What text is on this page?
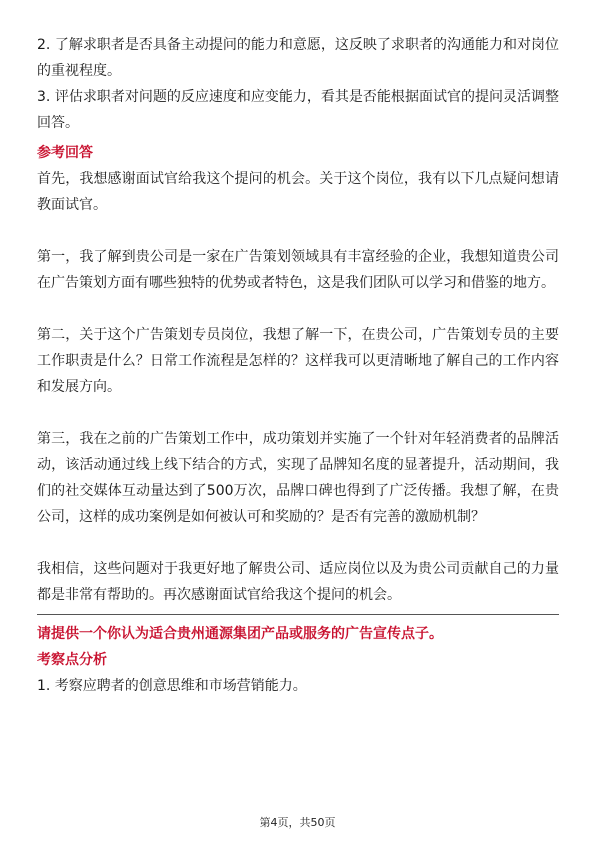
2. 了解求职者是否具备主动提问的能力和意愿，这反映了求职者的沟通能力和对岗位的重视程度。

3. 评估求职者对问题的反应速度和应变能力，看其是否能根据面试官的提问灵活调整回答。

参考回答

首先，我想感谢面试官给我这个提问的机会。关于这个岗位，我有以下几点疑问想请教面试官。

第一，我了解到贵公司是一家在广告策划领域具有丰富经验的企业，我想知道贵公司在广告策划方面有哪些独特的优势或者特色，这是我们团队可以学习和借鉴的地方。

第二，关于这个广告策划专员岗位，我想了解一下，在贵公司，广告策划专员的主要工作职责是什么？日常工作流程是怎样的？这样我可以更清晰地了解自己的工作内容和发展方向。

第三，我在之前的广告策划工作中，成功策划并实施了一个针对年轻消费者的品牌活动，该活动通过线上线下结合的方式，实现了品牌知名度的显著提升，活动期间，我们的社交媒体互动量达到了500万次，品牌口碑也得到了广泛传播。我想了解，在贵公司，这样的成功案例是如何被认可和奖励的？是否有完善的激励机制？

我相信，这些问题对于我更好地了解贵公司、适应岗位以及为贵公司贡献自己的力量都是非常有帮助的。再次感谢面试官给我这个提问的机会。

请提供一个你认为适合贵州通源集团产品或服务的广告宣传点子。

考察点分析

1. 考察应聘者的创意思维和市场营销能力。

第4页，共50页
